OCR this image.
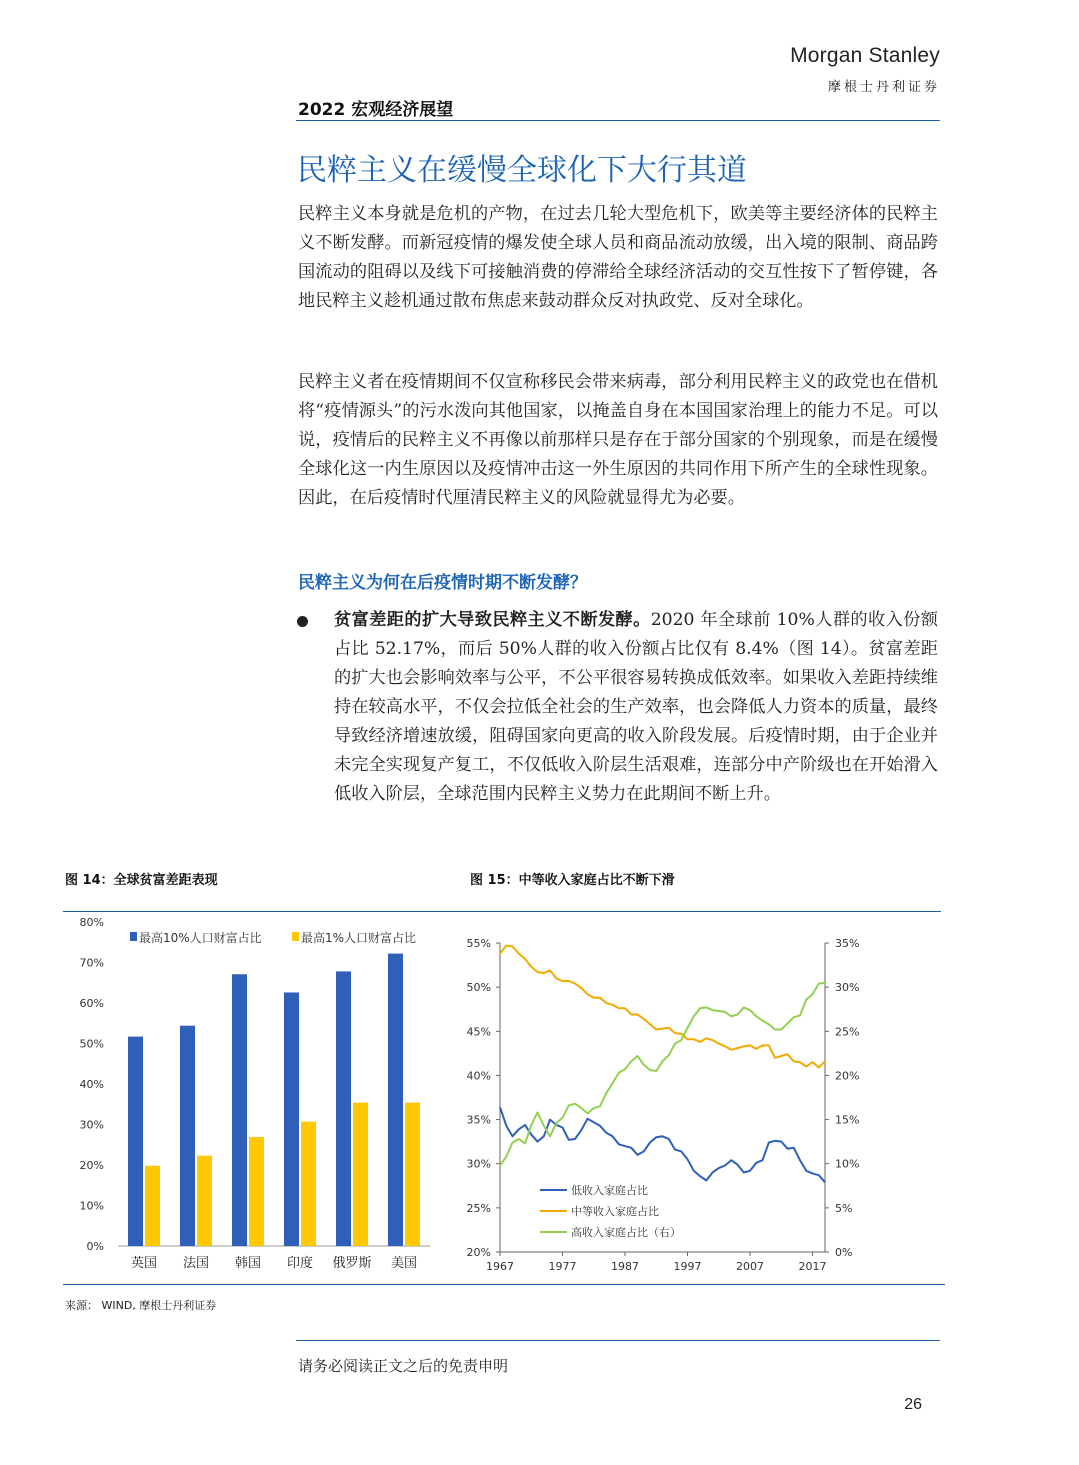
Morgan Stanley
摩根士丹利证券
2022 宏观经济展望
民粹主义在缓慢全球化下大行其道
民粹主义本身就是危机的产物，在过去几轮大型危机下，欧美等主要经济体的民粹主义不断发酵。而新冠疫情的爆发使全球人员和商品流动放缓，出入境的限制、商品跨国流动的阻碍以及线下可接触消费的停滞给全球经济活动的交互性按下了暂停键，各地民粹主义趁机通过散布焦虑来鼓动群众反对执政党、反对全球化。
民粹主义者在疫情期间不仅宣称移民会带来病毒，部分利用民粹主义的政党也在借机将“疫情源头”的污水泼向其他国家，以掩盖自身在本国国家治理上的能力不足。可以说，疫情后的民粹主义不再像以前那样只是存在于部分国家的个别现象，而是在缓慢全球化这一内生原因以及疫情冲击这一外生原因的共同作用下所产生的全球性现象。因此，在后疫情时代厘清民粹主义的风险就显得尤为必要。
民粹主义为何在后疫情时期不断发酵？
贫富差距的扩大导致民粹主义不断发酵。2020 年全球前 10%人群的收入份额占比 52.17%，而后 50%人群的收入份额占比仅有 8.4%（图 14）。贫富差距的扩大也会影响效率与公平，不公平很容易转换成低效率。如果收入差距持续维持在较高水平，不仅会拉低全社会的生产效率，也会降低人力资本的质量，最终导致经济增速放缓，阻碍国家向更高的收入阶段发展。后疫情时期，由于企业并未完全实现复产复工，不仅低收入阶层生活艰难，连部分中产阶级也在开始滑入低收入阶层，全球范围内民粹主义势力在此期间不断上升。
图 14：全球贫富差距表现	图 15：中等收入家庭占比不断下滑
0%
10%
20%
30%
40%
50%
60%
70%
80%
英国 法国 韩国 印度 俄罗斯 美国
最高10%人口财富占比	最高1%人口财富占比	55%
50%
45%
40%
35%
30%
25%
20%
35%
30%
25%
20%
15%
10%
5%
0%
1967	1977	1987	1997	2007	2017
低收入家庭占比
中等收入家庭占比
高收入家庭占比（右）
来源： WIND, 摩根士丹利证券
请务必阅读正文之后的免责申明
26
